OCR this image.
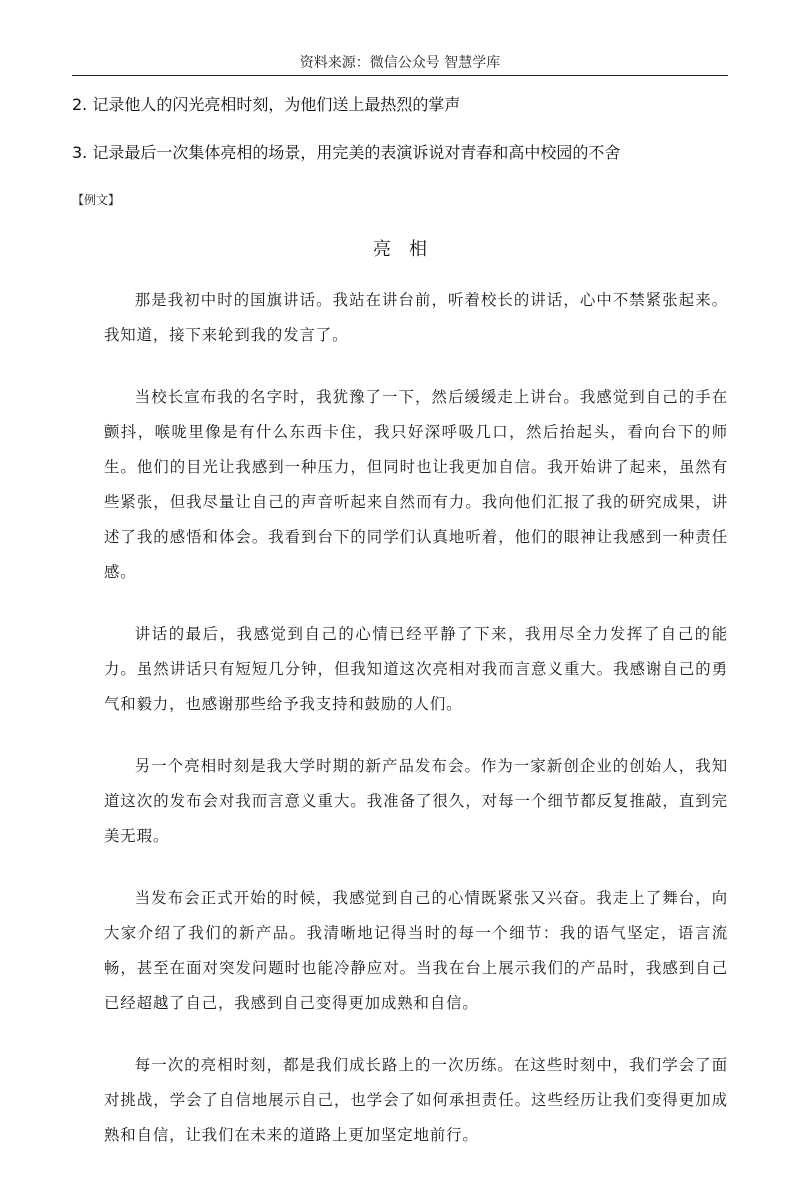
资料来源：微信公众号 智慧学库
2. 记录他人的闪光亮相时刻，为他们送上最热烈的掌声
3. 记录最后一次集体亮相的场景，用完美的表演诉说对青春和高中校园的不舍
【例文】
亮相

那是我初中时的国旗讲话。我站在讲台前，听着校长的讲话，心中不禁紧张起来。我知道，接下来轮到我的发言了。

当校长宣布我的名字时，我犹豫了一下，然后缓缓走上讲台。我感觉到自己的手在颤抖，喉咙里像是有什么东西卡住，我只好深呼吸几口，然后抬起头，看向台下的师生。他们的目光让我感到一种压力，但同时也让我更加自信。我开始讲了起来，虽然有些紧张，但我尽量让自己的声音听起来自然而有力。我向他们汇报了我的研究成果，讲述了我的感悟和体会。我看到台下的同学们认真地听着，他们的眼神让我感到一种责任感。

讲话的最后，我感觉到自己的心情已经平静了下来，我用尽全力发挥了自己的能力。虽然讲话只有短短几分钟，但我知道这次亮相对我而言意义重大。我感谢自己的勇气和毅力，也感谢那些给予我支持和鼓励的人们。

另一个亮相时刻是我大学时期的新产品发布会。作为一家新创企业的创始人，我知道这次的发布会对我而言意义重大。我准备了很久，对每一个细节都反复推敲，直到完美无瑕。

当发布会正式开始的时候，我感觉到自己的心情既紧张又兴奋。我走上了舞台，向大家介绍了我们的新产品。我清晰地记得当时的每一个细节：我的语气坚定，语言流畅，甚至在面对突发问题时也能冷静应对。当我在台上展示我们的产品时，我感到自己已经超越了自己，我感到自己变得更加成熟和自信。

每一次的亮相时刻，都是我们成长路上的一次历练。在这些时刻中，我们学会了面对挑战，学会了自信地展示自己，也学会了如何承担责任。这些经历让我们变得更加成熟和自信，让我们在未来的道路上更加坚定地前行。
